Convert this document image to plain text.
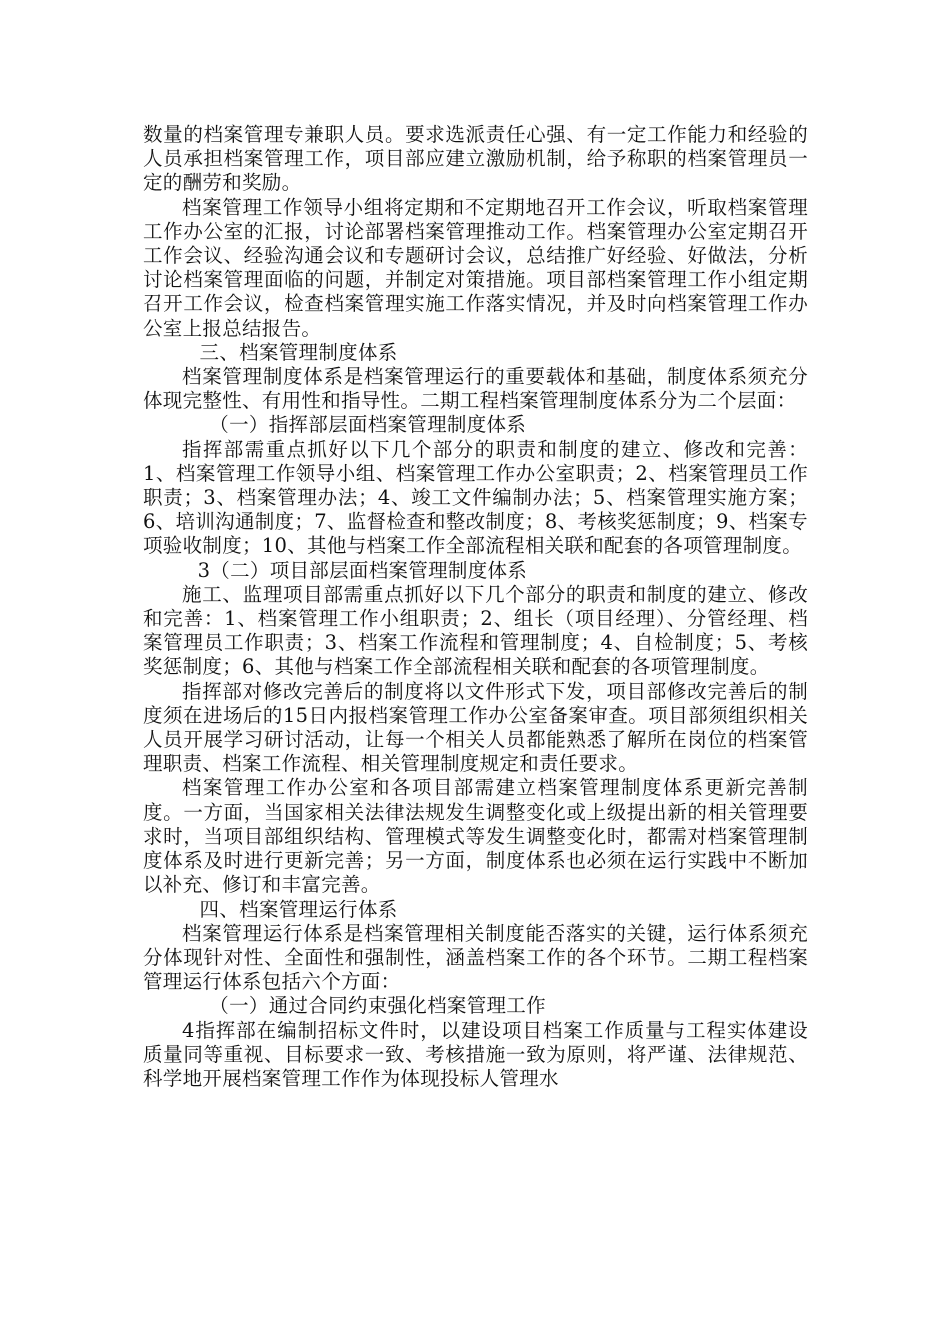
数量的档案管理专兼职人员。要求选派责任心强、有一定工作能力和经验的人员承担档案管理工作，项目部应建立激励机制，给予称职的档案管理员一定的酬劳和奖励。

档案管理工作领导小组将定期和不定期地召开工作会议，听取档案管理工作办公室的汇报，讨论部署档案管理推动工作。档案管理办公室定期召开工作会议、经验沟通会议和专题研讨会议，总结推广好经验、好做法，分析讨论档案管理面临的问题，并制定对策措施。项目部档案管理工作小组定期召开工作会议，检查档案管理实施工作落实情况，并及时向档案管理工作办公室上报总结报告。

三、档案管理制度体系

档案管理制度体系是档案管理运行的重要载体和基础，制度体系须充分体现完整性、有用性和指导性。二期工程档案管理制度体系分为二个层面：

（一）指挥部层面档案管理制度体系

指挥部需重点抓好以下几个部分的职责和制度的建立、修改和完善：1、档案管理工作领导小组、档案管理工作办公室职责；2、档案管理员工作职责；3、档案管理办法；4、竣工文件编制办法；5、档案管理实施方案；6、培训沟通制度；7、监督检查和整改制度；8、考核奖惩制度；9、档案专项验收制度；10、其他与档案工作全部流程相关联和配套的各项管理制度。

3（二）项目部层面档案管理制度体系

施工、监理项目部需重点抓好以下几个部分的职责和制度的建立、修改和完善：1、档案管理工作小组职责；2、组长（项目经理）、分管经理、档案管理员工作职责；3、档案工作流程和管理制度；4、自检制度；5、考核奖惩制度；6、其他与档案工作全部流程相关联和配套的各项管理制度。

指挥部对修改完善后的制度将以文件形式下发，项目部修改完善后的制度须在进场后的15日内报档案管理工作办公室备案审查。项目部须组织相关人员开展学习研讨活动，让每一个相关人员都能熟悉了解所在岗位的档案管理职责、档案工作流程、相关管理制度规定和责任要求。

档案管理工作办公室和各项目部需建立档案管理制度体系更新完善制度。一方面，当国家相关法律法规发生调整变化或上级提出新的相关管理要求时，当项目部组织结构、管理模式等发生调整变化时，都需对档案管理制度体系及时进行更新完善；另一方面，制度体系也必须在运行实践中不断加以补充、修订和丰富完善。

四、档案管理运行体系

档案管理运行体系是档案管理相关制度能否落实的关键，运行体系须充分体现针对性、全面性和强制性，涵盖档案工作的各个环节。二期工程档案管理运行体系包括六个方面：

（一）通过合同约束强化档案管理工作

4指挥部在编制招标文件时，以建设项目档案工作质量与工程实体建设质量同等重视、目标要求一致、考核措施一致为原则，将严谨、法律规范、科学地开展档案管理工作作为体现投标人管理水
